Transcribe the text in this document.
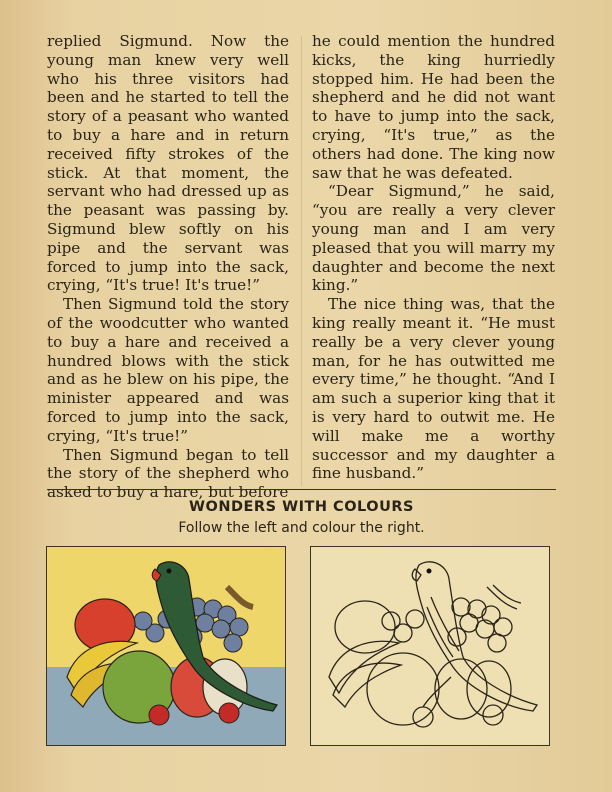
replied Sigmund. Now the young man knew very well who his three visitors had been and he started to tell the story of a peasant who wanted to buy a hare and in return received fifty strokes of the stick. At that moment, the servant who had dressed up as the peasant was passing by. Sigmund blew softly on his pipe and the servant was forced to jump into the sack, crying, “It's true! It's true!”

Then Sigmund told the story of the woodcutter who wanted to buy a hare and received a hundred blows with the stick and as he blew on his pipe, the minister appeared and was forced to jump into the sack, crying, “It's true!”

Then Sigmund began to tell the story of the shepherd who asked to buy a hare, but before

he could mention the hundred kicks, the king hurriedly stopped him. He had been the shepherd and he did not want to have to jump into the sack, crying, “It's true,” as the others had done. The king now saw that he was defeated.

“Dear Sigmund,” he said, “you are really a very clever young man and I am very pleased that you will marry my daughter and become the next king.”

The nice thing was, that the king really meant it. “He must really be a very clever young man, for he has outwitted me every time,” he thought. “And I am such a superior king that it is very hard to outwit me. He will make me a worthy successor and my daughter a fine husband.”

WONDERS WITH COLOURS
Follow the left and colour the right.
